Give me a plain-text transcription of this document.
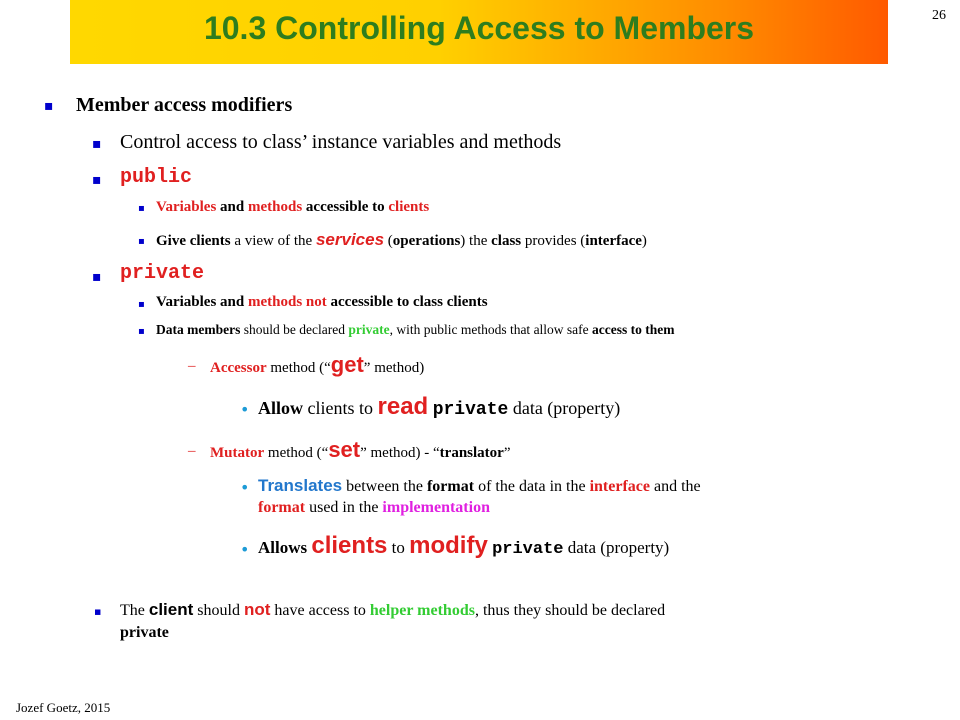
10.3 Controlling Access to Members	26
▪ Member access modifiers
▪ Control access to class’ instance variables and methods
▪ public
▪ Variables and methods accessible to clients
▪ Give clients a view of the services (operations) the class provides (interface)
▪ private
▪ Variables and methods not accessible to class clients
▪ Data members should be declared private, with public methods that allow safe access to them
– Accessor method (“get” method)
• Allow clients to read private data (property)
– Mutator method (“set” method) - “translator”
• Translates between the format of the data in the interface and the
format used in the implementation
• Allows clients to modify private data (property)
▪ The client should not have access to helper methods, thus they should be declared
private
Jozef Goetz, 2015
